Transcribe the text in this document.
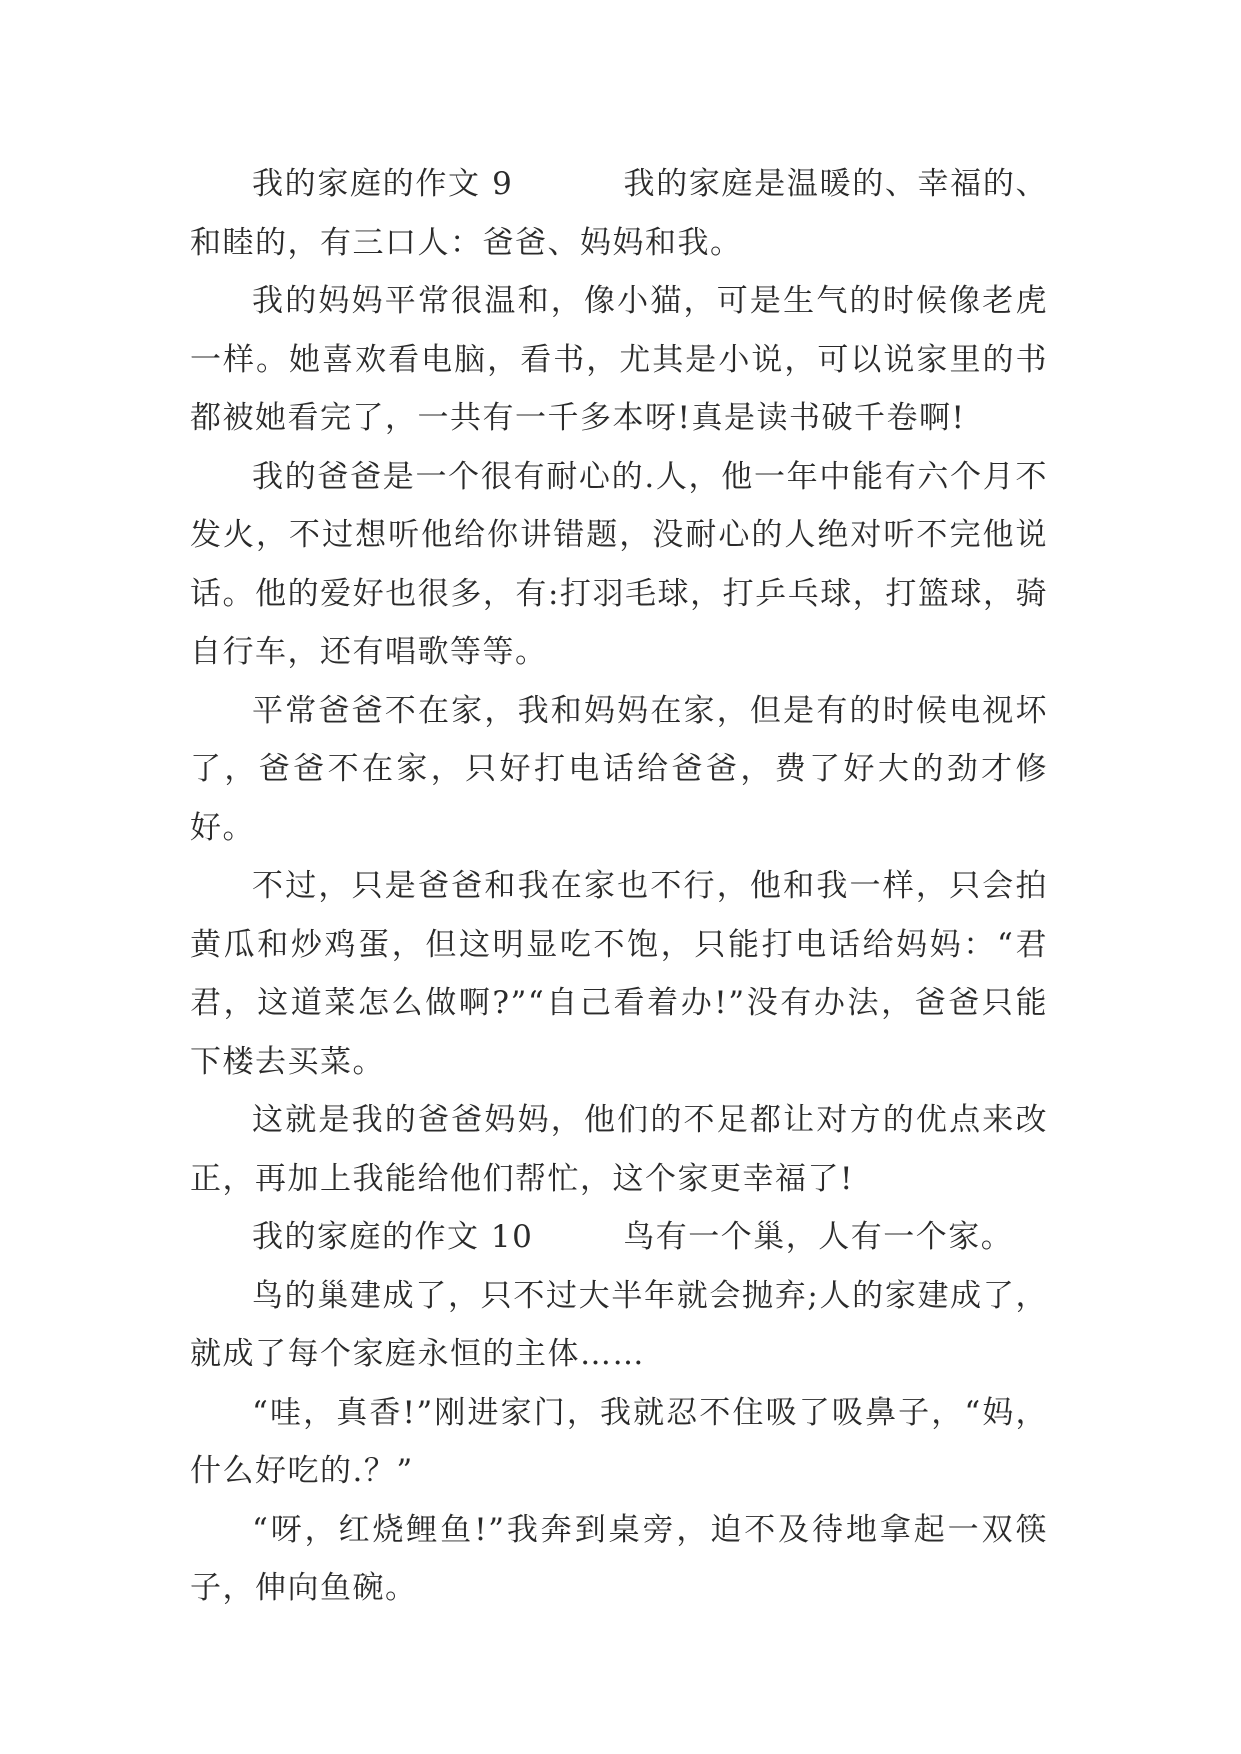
我的家庭的作文 9	我的家庭是温暖的、幸福的、和睦的，有三口人：爸爸、妈妈和我。

我的妈妈平常很温和，像小猫，可是生气的时候像老虎一样。她喜欢看电脑，看书，尤其是小说，可以说家里的书都被她看完了，一共有一千多本呀!真是读书破千卷啊!

我的爸爸是一个很有耐心的.人，他一年中能有六个月不发火，不过想听他给你讲错题，没耐心的人绝对听不完他说话。他的爱好也很多，有:打羽毛球，打乒乓球，打篮球，骑自行车，还有唱歌等等。

平常爸爸不在家，我和妈妈在家，但是有的时候电视坏了，爸爸不在家，只好打电话给爸爸，费了好大的劲才修好。

不过，只是爸爸和我在家也不行，他和我一样，只会拍黄瓜和炒鸡蛋，但这明显吃不饱，只能打电话给妈妈：“君君，这道菜怎么做啊?”“自己看着办!”没有办法，爸爸只能下楼去买菜。

这就是我的爸爸妈妈，他们的不足都让对方的优点来改正，再加上我能给他们帮忙，这个家更幸福了!

我的家庭的作文 10	鸟有一个巢，人有一个家。

鸟的巢建成了，只不过大半年就会抛弃;人的家建成了，就成了每个家庭永恒的主体……

“哇，真香!”刚进家门，我就忍不住吸了吸鼻子，“妈，什么好吃的.？”

“呀，红烧鲤鱼!”我奔到桌旁，迫不及待地拿起一双筷子，伸向鱼碗。
